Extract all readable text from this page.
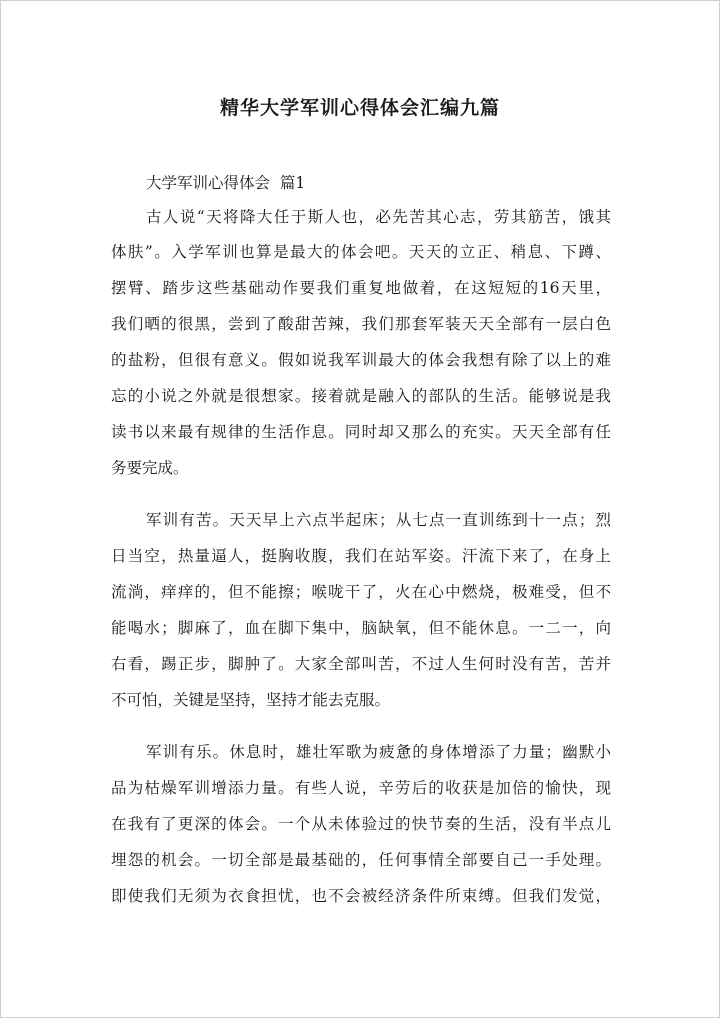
精华大学军训心得体会汇编九篇
大学军训心得体会  篇1
古人说“天将降大任于斯人也，必先苦其心志，劳其筋苦，饿其
体肤”。入学军训也算是最大的体会吧。天天的立正、稍息、下蹲、
摆臂、踏步这些基础动作要我们重复地做着，在这短短的16天里，
我们晒的很黑，尝到了酸甜苦辣，我们那套军装天天全部有一层白色
的盐粉，但很有意义。假如说我军训最大的体会我想有除了以上的难
忘的小说之外就是很想家。接着就是融入的部队的生活。能够说是我
读书以来最有规律的生活作息。同时却又那么的充实。天天全部有任
务要完成。
军训有苦。天天早上六点半起床；从七点一直训练到十一点；烈
日当空，热量逼人，挺胸收腹，我们在站军姿。汗流下来了，在身上
流淌，痒痒的，但不能擦；喉咙干了，火在心中燃烧，极难受，但不
能喝水；脚麻了，血在脚下集中，脑缺氧，但不能休息。一二一，向
右看，踢正步，脚肿了。大家全部叫苦，不过人生何时没有苦，苦并
不可怕，关键是坚持，坚持才能去克服。
军训有乐。休息时，雄壮军歌为疲惫的身体增添了力量；幽默小
品为枯燥军训增添力量。有些人说，辛劳后的收获是加倍的愉快，现
在我有了更深的体会。一个从未体验过的快节奏的生活，没有半点儿
埋怨的机会。一切全部是最基础的，任何事情全部要自己一手处理。
即使我们无须为衣食担忧，也不会被经济条件所束缚。但我们发觉，
